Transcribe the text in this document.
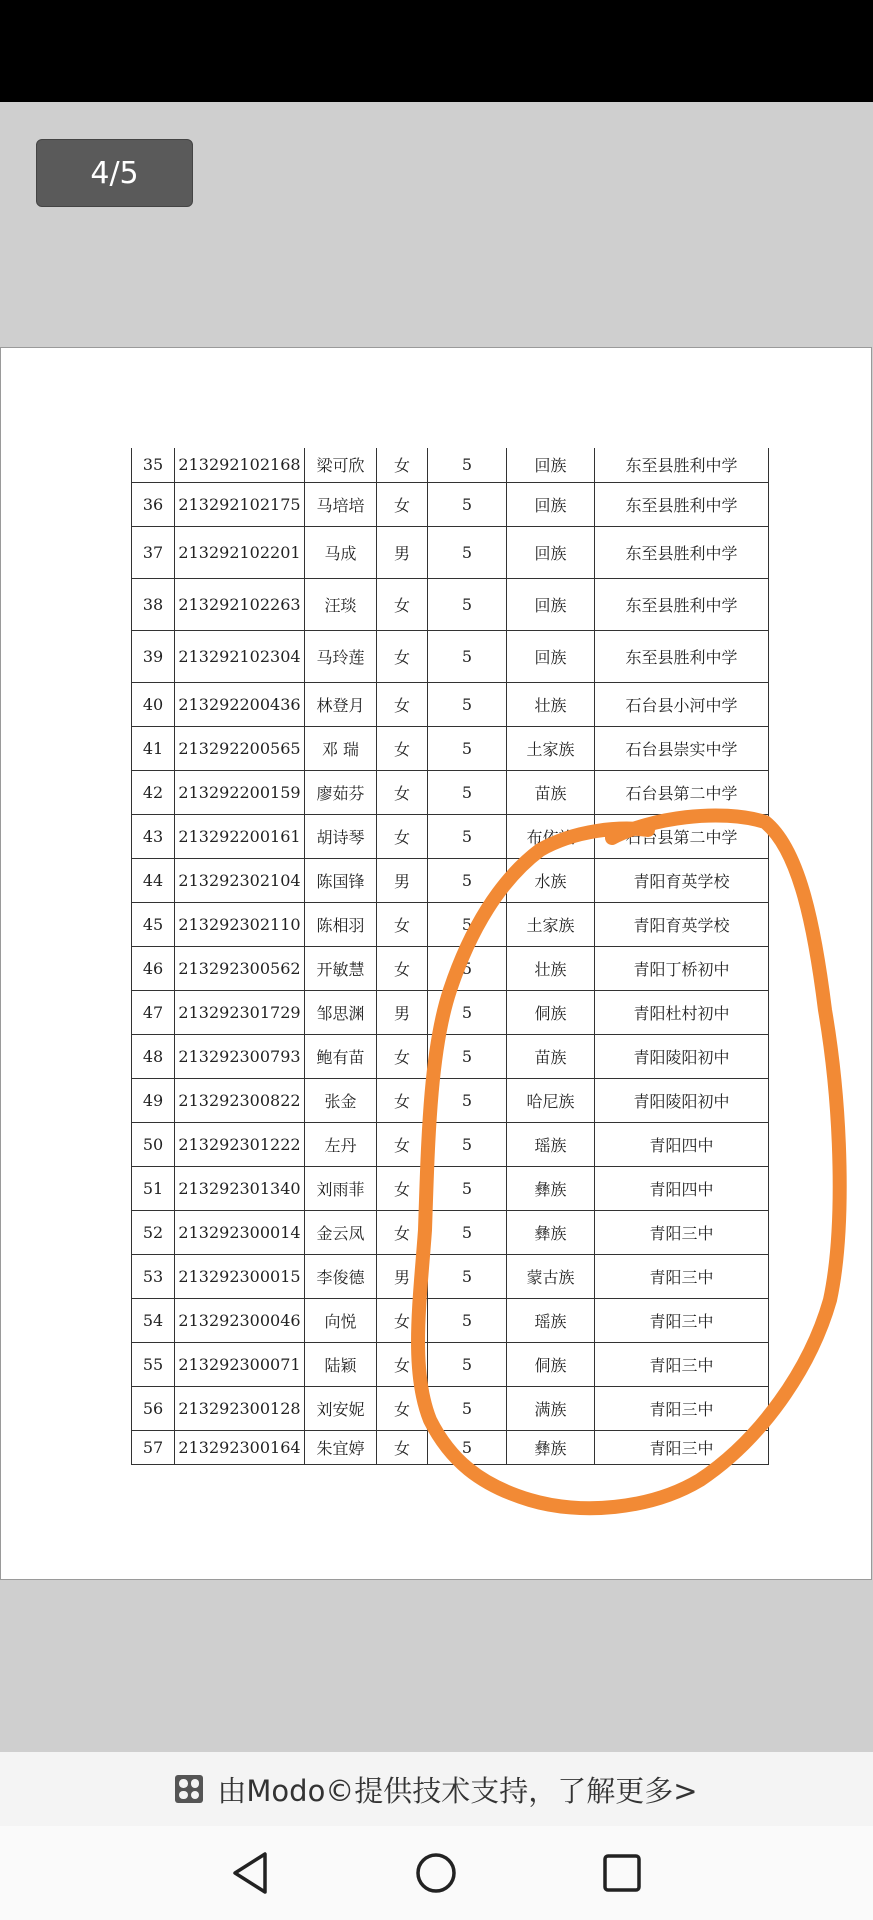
4/5
35	213292102168	梁可欣	女	5	回族	东至县胜利中学
36	213292102175	马培培	女	5	回族	东至县胜利中学
37	213292102201	马成	男	5	回族	东至县胜利中学
38	213292102263	汪琰	女	5	回族	东至县胜利中学
39	213292102304	马玲莲	女	5	回族	东至县胜利中学
40	213292200436	林登月	女	5	壮族	石台县小河中学
41	213292200565	邓 瑞	女	5	土家族	石台县崇实中学
42	213292200159	廖茹芬	女	5	苗族	石台县第二中学
43	213292200161	胡诗琴	女	5	布依族	石台县第二中学
44	213292302104	陈国锋	男	5	水族	青阳育英学校
45	213292302110	陈相羽	女	5	土家族	青阳育英学校
46	213292300562	开敏慧	女	5	壮族	青阳丁桥初中
47	213292301729	邹思渊	男	5	侗族	青阳杜村初中
48	213292300793	鲍有苗	女	5	苗族	青阳陵阳初中
49	213292300822	张金	女	5	哈尼族	青阳陵阳初中
50	213292301222	左丹	女	5	瑶族	青阳四中
51	213292301340	刘雨菲	女	5	彝族	青阳四中
52	213292300014	金云凤	女	5	彝族	青阳三中
53	213292300015	李俊德	男	5	蒙古族	青阳三中
54	213292300046	向悦	女	5	瑶族	青阳三中
55	213292300071	陆颖	女	5	侗族	青阳三中
56	213292300128	刘安妮	女	5	满族	青阳三中
57	213292300164	朱宜婷	女	5	彝族	青阳三中
由Modo©提供技术支持，了解更多>
